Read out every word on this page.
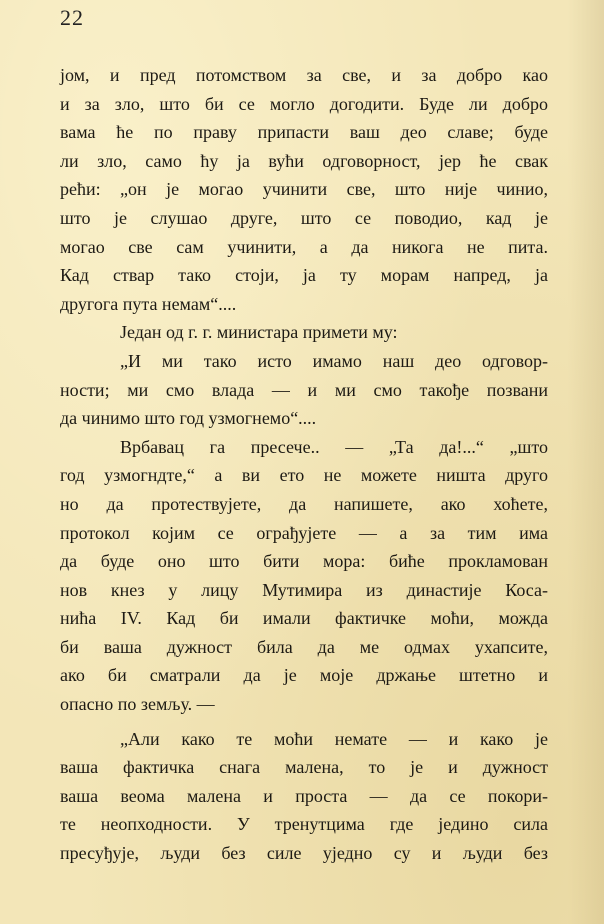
22
јом, и пред потомством за све, и за добро као
и за зло, што би се могло догодити. Буде ли добро
вама ће по праву припасти ваш део славе; буде
ли зло, само ћу ја вући одговорност, јер ће свак
рећи: „он је могао учинити све, што није чинио,
што је слушао друге, што се поводио, кад је
могао све сам учинити, а да никога не пита.
Кад ствар тако стоји, ја ту морам напред, ја
другога пута немам“....
Један од г. г. министара примети му:
„И ми тако исто имамо наш део одговор-
ности; ми смо влада — и ми смо такође позвани
да чинимо што год узмогнемо“....
Врбавац га пресече.. — „Та да!...“ „што
год узмогндте,“ а ви ето не можете ништа друго
но да протествујете, да напишете, ако хоћете,
протокол којим се ограђујете — а за тим има
да буде оно што бити мора: биће прокламован
нов кнез у лицу Мутимира из династије Коса-
нића IV. Кад би имали фактичке моћи, можда
би ваша дужност била да ме одмах ухапсите,
ако би сматрали да је моје држање штетно и
опасно по земљу. —
„Али како те моћи немате — и како је
ваша фактичка снага малена, то је и дужност
ваша веома малена и проста — да се покори-
те неопходности. У тренутцима где једино сила
пресуђује, људи без силе уједно су и људи без
